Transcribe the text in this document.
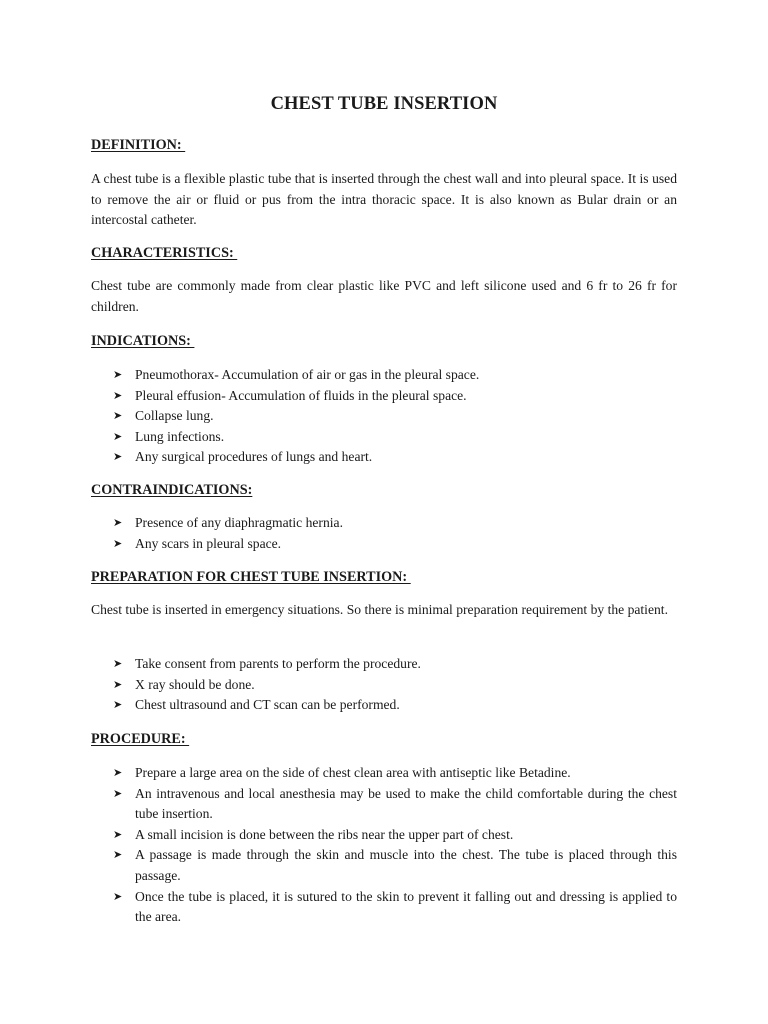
CHEST TUBE INSERTION
DEFINITION:
A chest tube is a flexible plastic tube that is inserted through the chest wall and into pleural space. It is used to remove the air or fluid or pus from the intra thoracic space. It is also known as Bular drain or an intercostal catheter.
CHARACTERISTICS:
Chest tube are commonly made from clear plastic like PVC and left silicone used and 6 fr to 26 fr for children.
INDICATIONS:
➤ Pneumothorax- Accumulation of air or gas in the pleural space.
➤ Pleural effusion- Accumulation of fluids in the pleural space.
➤ Collapse lung.
➤ Lung infections.
➤ Any surgical procedures of lungs and heart.
CONTRAINDICATIONS:
➤ Presence of any diaphragmatic hernia.
➤ Any scars in pleural space.
PREPARATION FOR CHEST TUBE INSERTION:
Chest tube is inserted in emergency situations. So there is minimal preparation requirement by the patient.
➤ Take consent from parents to perform the procedure.
➤ X ray should be done.
➤ Chest ultrasound and CT scan can be performed.
PROCEDURE:
➤ Prepare a large area on the side of chest clean area with antiseptic like Betadine.
➤ An intravenous and local anesthesia may be used to make the child comfortable during the chest tube insertion.
➤ A small incision is done between the ribs near the upper part of chest.
➤ A passage is made through the skin and muscle into the chest. The tube is placed through this passage.
➤ Once the tube is placed, it is sutured to the skin to prevent it falling out and dressing is applied to the area.
